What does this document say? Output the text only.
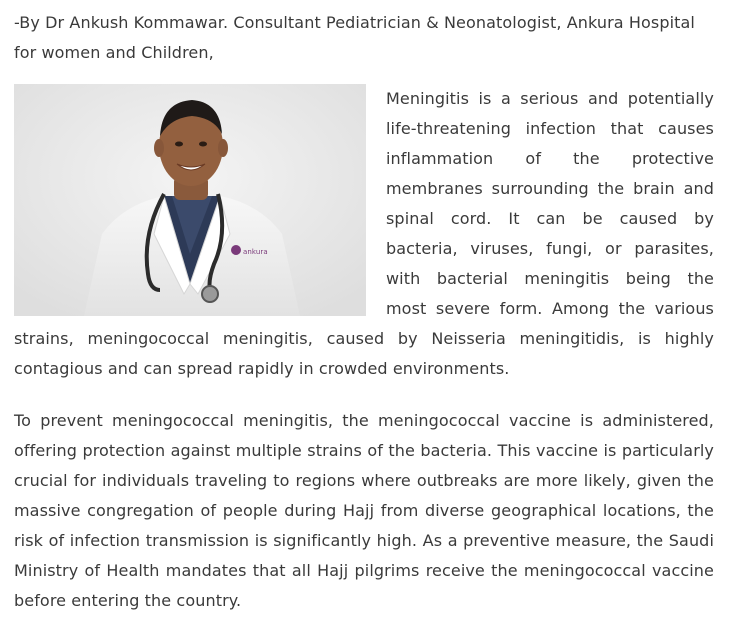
-By Dr Ankush Kommawar. Consultant Pediatrician & Neonatologist, Ankura Hospital for women and Children,

ankura

Meningitis is a serious and potentially life-threatening infection that causes inflammation of the protective membranes surrounding the brain and spinal cord. It can be caused by bacteria, viruses, fungi, or parasites, with bacterial meningitis being the most severe form. Among the various strains, meningococcal meningitis, caused by Neisseria meningitidis, is highly contagious and can spread rapidly in crowded environments.

To prevent meningococcal meningitis, the meningococcal vaccine is administered, offering protection against multiple strains of the bacteria. This vaccine is particularly crucial for individuals traveling to regions where outbreaks are more likely, given the massive congregation of people during Hajj from diverse geographical locations, the risk of infection transmission is significantly high. As a preventive measure, the Saudi Ministry of Health mandates that all Hajj pilgrims receive the meningococcal vaccine before entering the country.
